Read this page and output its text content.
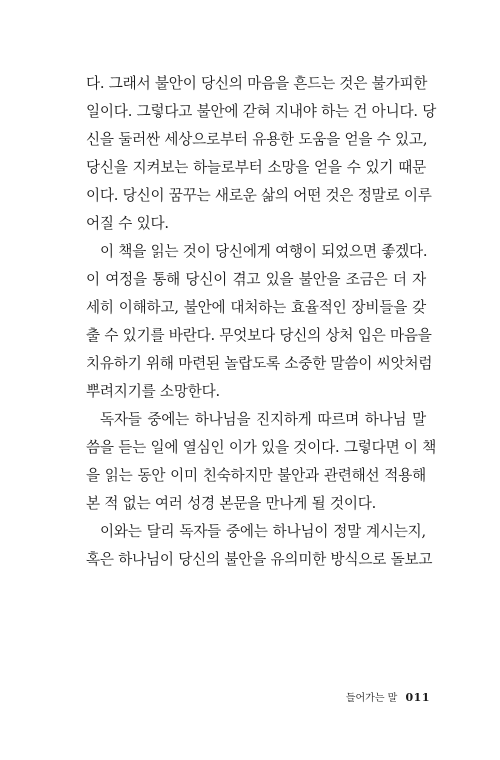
다. 그래서 불안이 당신의 마음을 흔드는 것은 불가피한
일이다. 그렇다고 불안에 갇혀 지내야 하는 건 아니다. 당
신을 둘러싼 세상으로부터 유용한 도움을 얻을 수 있고,
당신을 지켜보는 하늘로부터 소망을 얻을 수 있기 때문
이다. 당신이 꿈꾸는 새로운 삶의 어떤 것은 정말로 이루
어질 수 있다.
이 책을 읽는 것이 당신에게 여행이 되었으면 좋겠다.
이 여정을 통해 당신이 겪고 있을 불안을 조금은 더 자
세히 이해하고, 불안에 대처하는 효율적인 장비들을 갖
출 수 있기를 바란다. 무엇보다 당신의 상처 입은 마음을
치유하기 위해 마련된 놀랍도록 소중한 말씀이 씨앗처럼
뿌려지기를 소망한다.
독자들 중에는 하나님을 진지하게 따르며 하나님 말
씀을 듣는 일에 열심인 이가 있을 것이다. 그렇다면 이 책
을 읽는 동안 이미 친숙하지만 불안과 관련해선 적용해
본 적 없는 여러 성경 본문을 만나게 될 것이다.
이와는 달리 독자들 중에는 하나님이 정말 계시는지,
혹은 하나님이 당신의 불안을 유의미한 방식으로 돌보고
들어가는 말 011
